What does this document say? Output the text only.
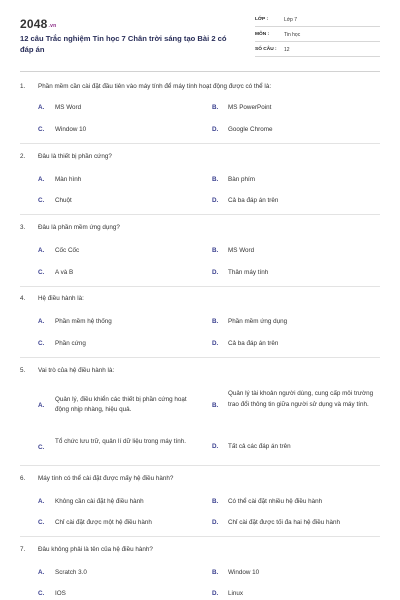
2048.vn
12 câu Trắc nghiệm Tin học 7 Chân trời sáng tạo Bài 2 có đáp án
LỚP :	Lớp 7
MÔN :	Tin học
SỐ CÂU : 12
1. Phần mềm cần cài đặt đầu tiên vào máy tính để máy tính hoạt động được có thể là:
A. MS Word	B. MS PowerPoint
C. Window 10	D. Google Chrome
2. Đâu là thiết bị phần cứng?
A. Màn hình	B. Bàn phím
C. Chuột	D. Cả ba đáp án trên
3. Đâu là phần mềm ứng dụng?
A. Cốc Cốc	B. MS Word
C. A và B	D. Thân máy tính
4. Hệ điều hành là:
A. Phần mềm hệ thống	B. Phần mềm ứng dụng
C. Phần cứng	D. Cả ba đáp án trên
5. Vai trò của hệ điều hành là:
A.
Quản lý, điều khiển các thiết bị phần cứng hoạt động nhịp nhàng, hiệu quả.
B.
Quản lý tài khoản người dùng, cung cấp môi trường trao đổi thông tin giữa người sử dụng và máy tính.
C.
Tổ chức lưu trữ, quản lí dữ liệu trong máy tính.
D. Tất cả các đáp án trên
6. Máy tính có thể cài đặt được mấy hệ điều hành?
A. Không cần cài đặt hệ điều hành	B. Có thể cài đặt nhiều hệ điều hành
C. Chỉ cài đặt được một hệ điều hành	D. Chỉ cài đặt được tối đa hai hệ điều hành
7. Đâu không phải là tên của hệ điều hành?
A. Scratch 3.0	B. Window 10
C. IOS	D. Linux
